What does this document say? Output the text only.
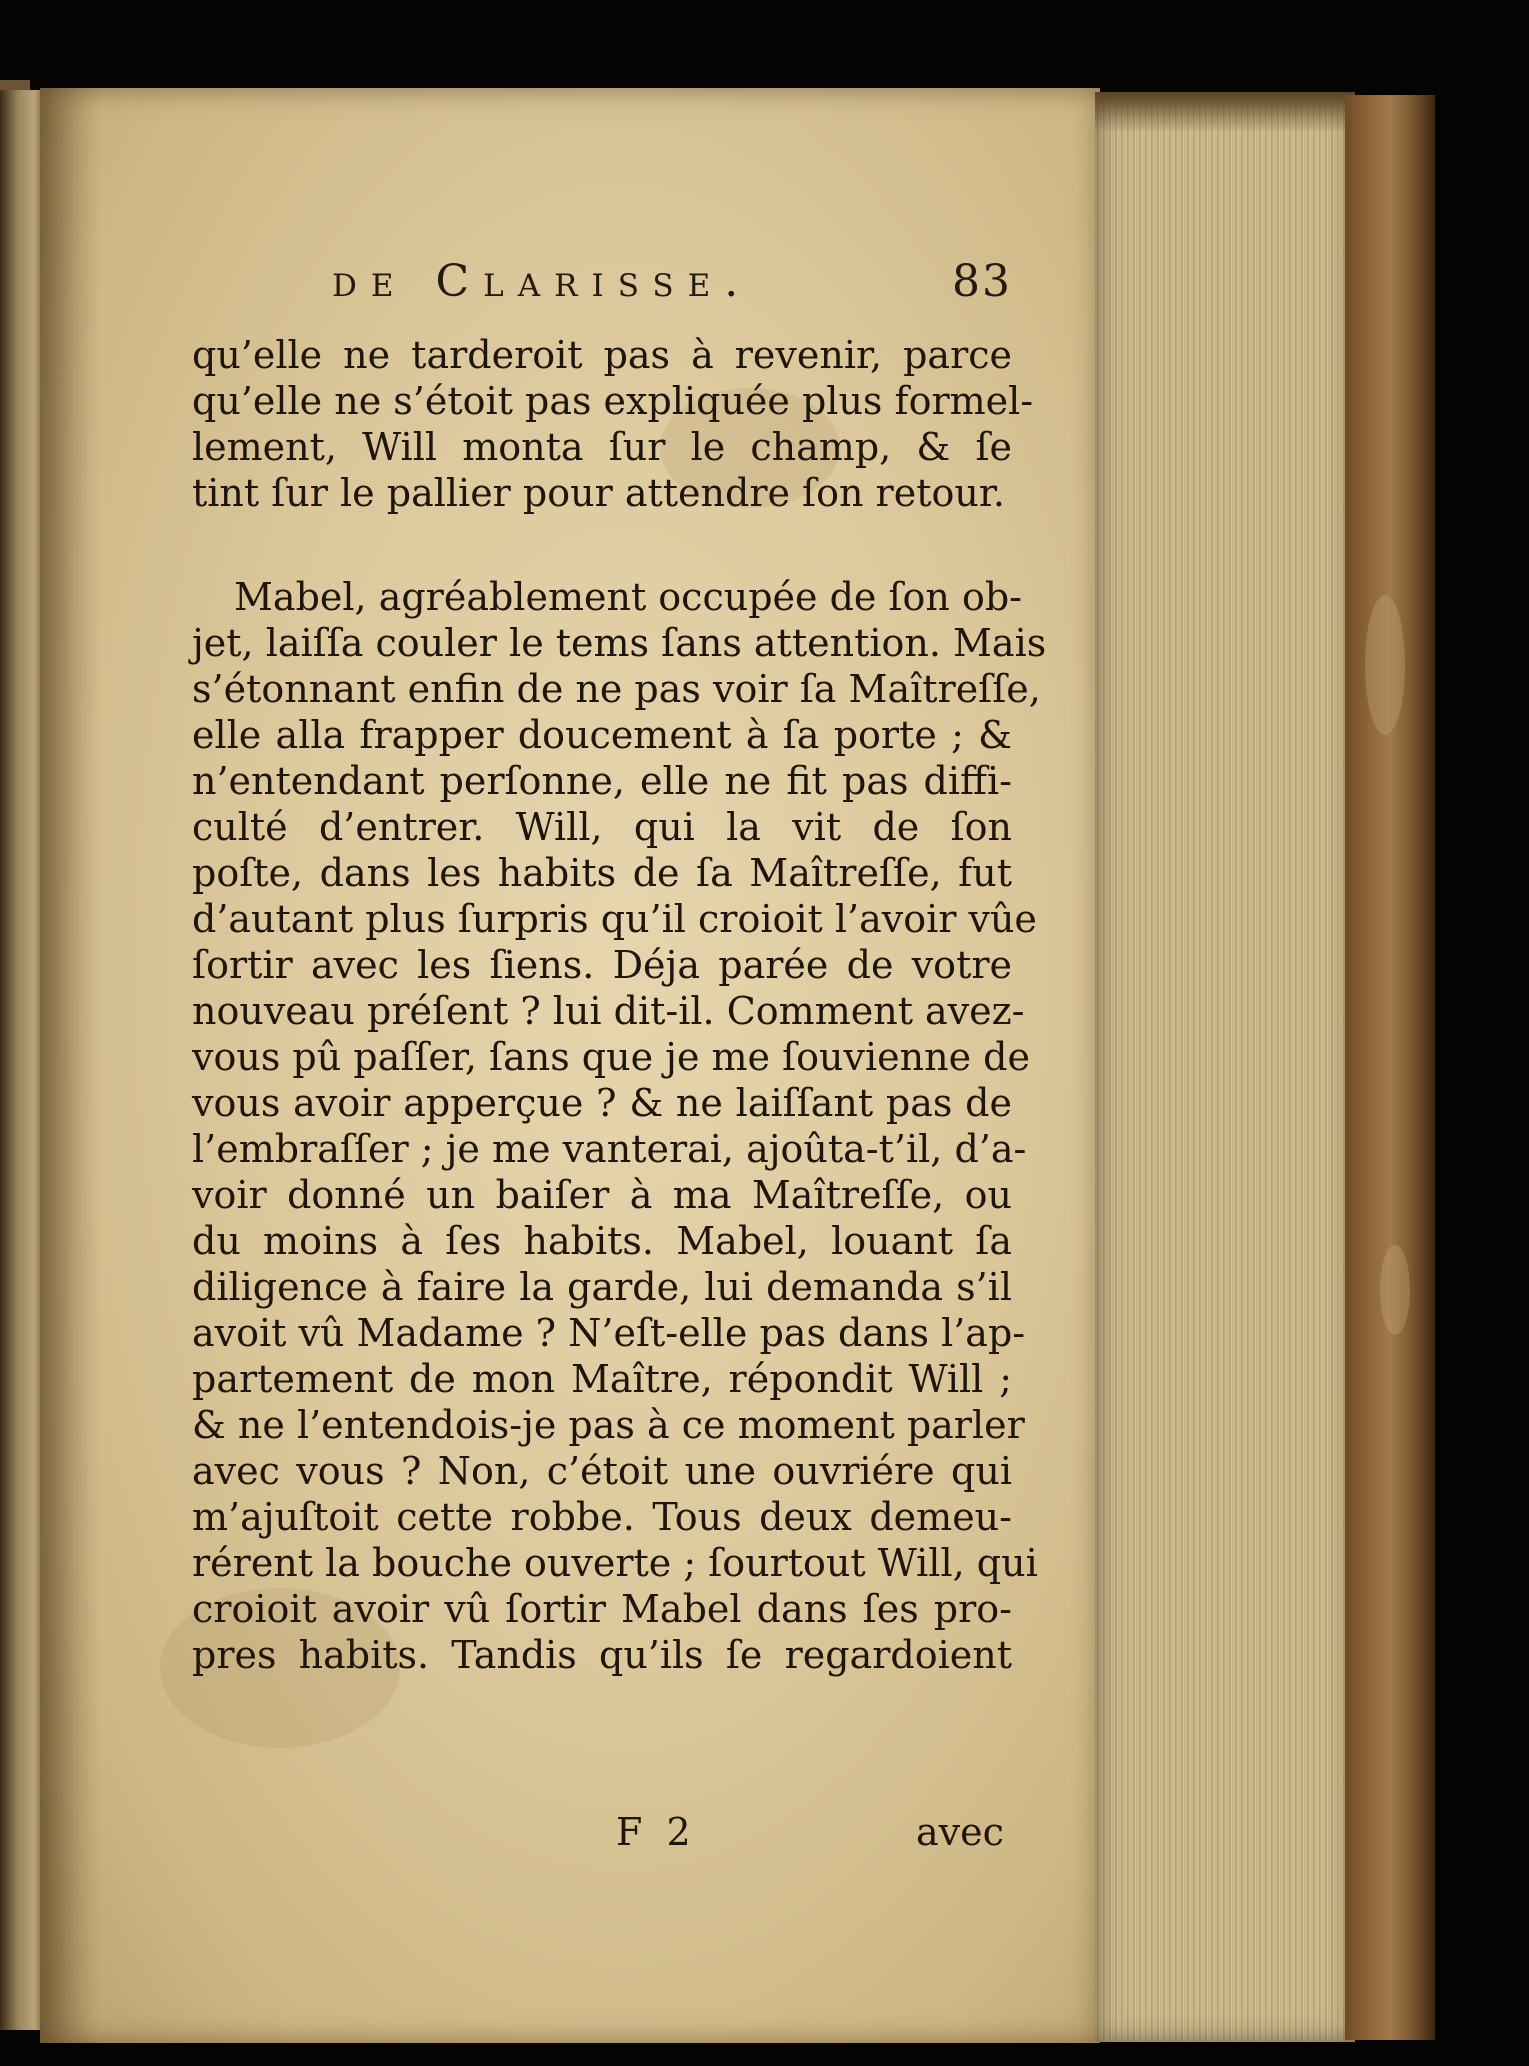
de Clarisse.	83
qu’elle ne tarderoit pas à revenir, parce
qu’elle ne s’étoit pas expliquée plus formel-
lement, Will monta ſur le champ, & ſe
tint ſur le pallier pour attendre ſon retour.
Mabel, agréablement occupée de ſon ob-
jet, laiſſa couler le tems ſans attention. Mais
s’étonnant enfin de ne pas voir ſa Maîtreſſe,
elle alla frapper doucement à ſa porte ; &
n’entendant perſonne, elle ne fit pas diffi-
culté d’entrer. Will, qui la vit de ſon
poſte, dans les habits de ſa Maîtreſſe, fut
d’autant plus ſurpris qu’il croioit l’avoir vûe
ſortir avec les ſiens. Déja parée de votre
nouveau préſent ? lui dit-il. Comment avez-
vous pû paſſer, ſans que je me ſouvienne de
vous avoir apperçue ? & ne laiſſant pas de
l’embraſſer ; je me vanterai, ajoûta-t’il, d’a-
voir donné un baiſer à ma Maîtreſſe, ou
du moins à ſes habits. Mabel, louant ſa
diligence à faire la garde, lui demanda s’il
avoit vû Madame ? N’eſt-elle pas dans l’ap-
partement de mon Maître, répondit Will ;
& ne l’entendois-je pas à ce moment parler
avec vous ? Non, c’étoit une ouvriére qui
m’ajuſtoit cette robbe. Tous deux demeu-
rérent la bouche ouverte ; ſourtout Will, qui
croioit avoir vû ſortir Mabel dans ſes pro-
pres habits. Tandis qu’ils ſe regardoient
F 2	avec
